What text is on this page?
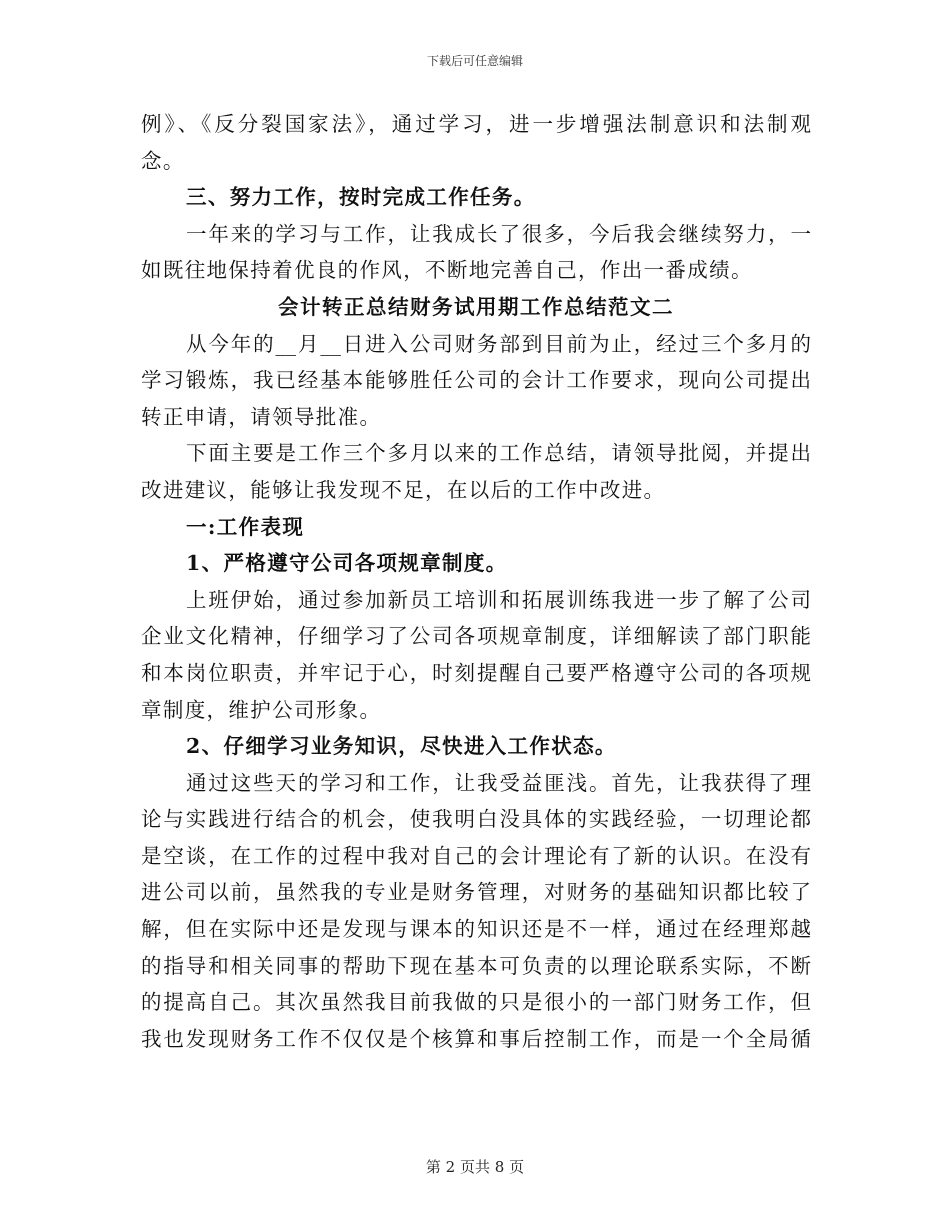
下载后可任意编辑
例》、《反分裂国家法》，通过学习，进一步增强法制意识和法制观
念。
三、努力工作，按时完成工作任务。
一年来的学习与工作，让我成长了很多，今后我会继续努力，一
如既往地保持着优良的作风，不断地完善自己，作出一番成绩。
会计转正总结财务试用期工作总结范文二
从今年的__月__日进入公司财务部到目前为止，经过三个多月的
学习锻炼，我已经基本能够胜任公司的会计工作要求，现向公司提出
转正申请，请领导批准。
下面主要是工作三个多月以来的工作总结，请领导批阅，并提出
改进建议，能够让我发现不足，在以后的工作中改进。
一:工作表现
1、严格遵守公司各项规章制度。
上班伊始，通过参加新员工培训和拓展训练我进一步了解了公司
企业文化精神，仔细学习了公司各项规章制度，详细解读了部门职能
和本岗位职责，并牢记于心，时刻提醒自己要严格遵守公司的各项规
章制度，维护公司形象。
2、仔细学习业务知识，尽快进入工作状态。
通过这些天的学习和工作，让我受益匪浅。首先，让我获得了理
论与实践进行结合的机会，使我明白没具体的实践经验，一切理论都
是空谈，在工作的过程中我对自己的会计理论有了新的认识。在没有
进公司以前，虽然我的专业是财务管理，对财务的基础知识都比较了
解，但在实际中还是发现与课本的知识还是不一样，通过在经理郑越
的指导和相关同事的帮助下现在基本可负责的以理论联系实际，不断
的提高自己。其次虽然我目前我做的只是很小的一部门财务工作，但
我也发现财务工作不仅仅是个核算和事后控制工作，而是一个全局循
第 2 页共 8 页
